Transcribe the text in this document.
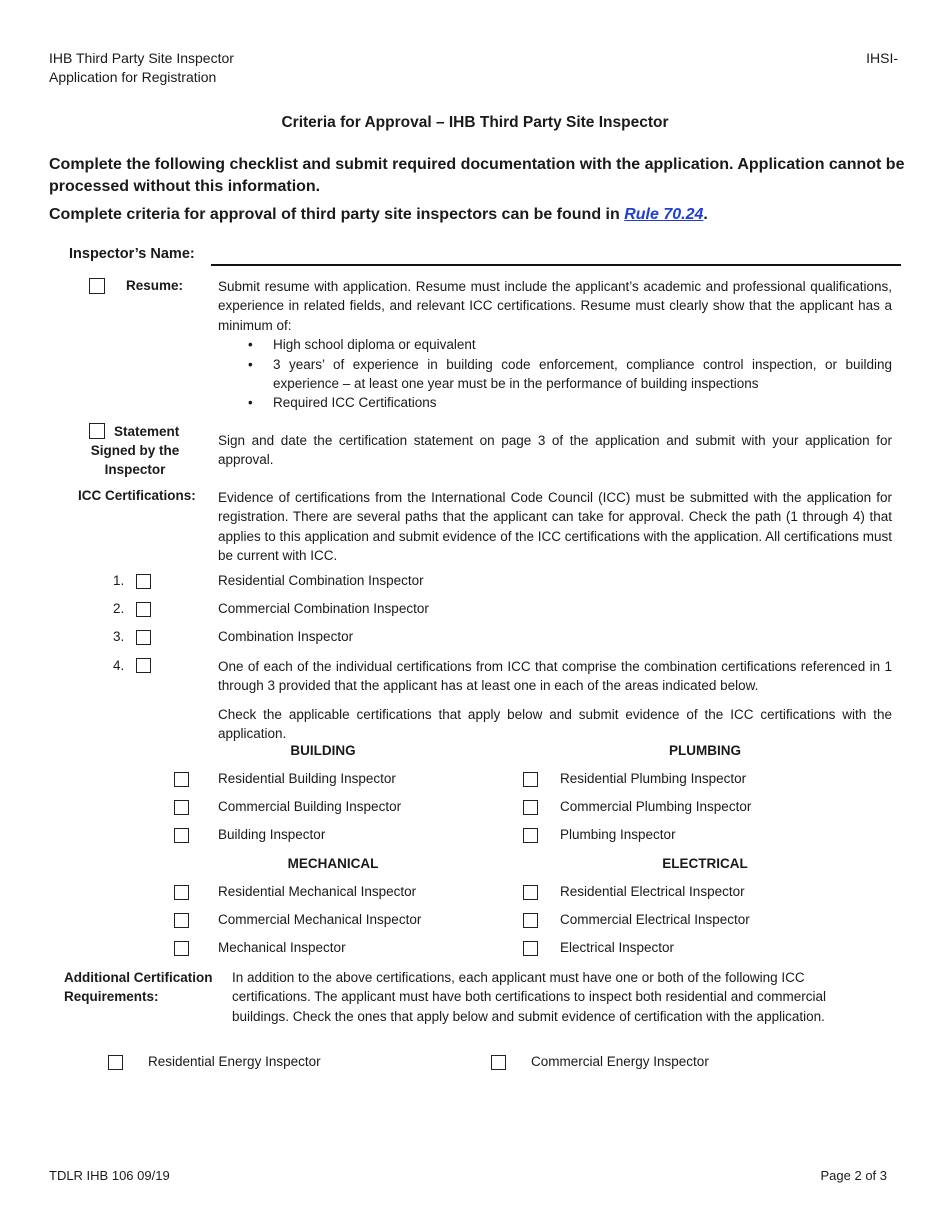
IHB Third Party Site Inspector
Application for Registration
IHSI-
Criteria for Approval – IHB Third Party Site Inspector
Complete the following checklist and submit required documentation with the application. Application cannot be processed without this information.
Complete criteria for approval of third party site inspectors can be found in Rule 70.24.
Inspector’s Name:
Resume:	Submit resume with application. Resume must include the applicant’s academic and professional qualifications, experience in related fields, and relevant ICC certifications. Resume must clearly show that the applicant has a minimum of:
• High school diploma or equivalent
• 3 years’ of experience in building code enforcement, compliance control inspection, or building experience – at least one year must be in the performance of building inspections
• Required ICC Certifications
Statement
Signed by the
Inspector
Sign and date the certification statement on page 3 of the application and submit with your application for approval.
ICC Certifications: Evidence of certifications from the International Code Council (ICC) must be submitted with the application for registration. There are several paths that the applicant can take for approval. Check the path (1 through 4) that applies to this application and submit evidence of the ICC certifications with the application. All certifications must be current with ICC.
1.	Residential Combination Inspector
2.	Commercial Combination Inspector
3.	Combination Inspector
4.	One of each of the individual certifications from ICC that comprise the combination certifications referenced in 1 through 3 provided that the applicant has at least one in each of the areas indicated below.
Check the applicable certifications that apply below and submit evidence of the ICC certifications with the application.
BUILDING	PLUMBING
Residential Building Inspector	Residential Plumbing Inspector
Commercial Building Inspector	Commercial Plumbing Inspector
Building Inspector	Plumbing Inspector
MECHANICAL	ELECTRICAL
Residential Mechanical Inspector	Residential Electrical Inspector
Commercial Mechanical Inspector	Commercial Electrical Inspector
Mechanical Inspector	Electrical Inspector
Additional Certification
Requirements:
In addition to the above certifications, each applicant must have one or both of the following ICC certifications. The applicant must have both certifications to inspect both residential and commercial buildings. Check the ones that apply below and submit evidence of certification with the application.
Residential Energy Inspector	Commercial Energy Inspector
TDLR IHB 106 09/19	Page 2 of 3
